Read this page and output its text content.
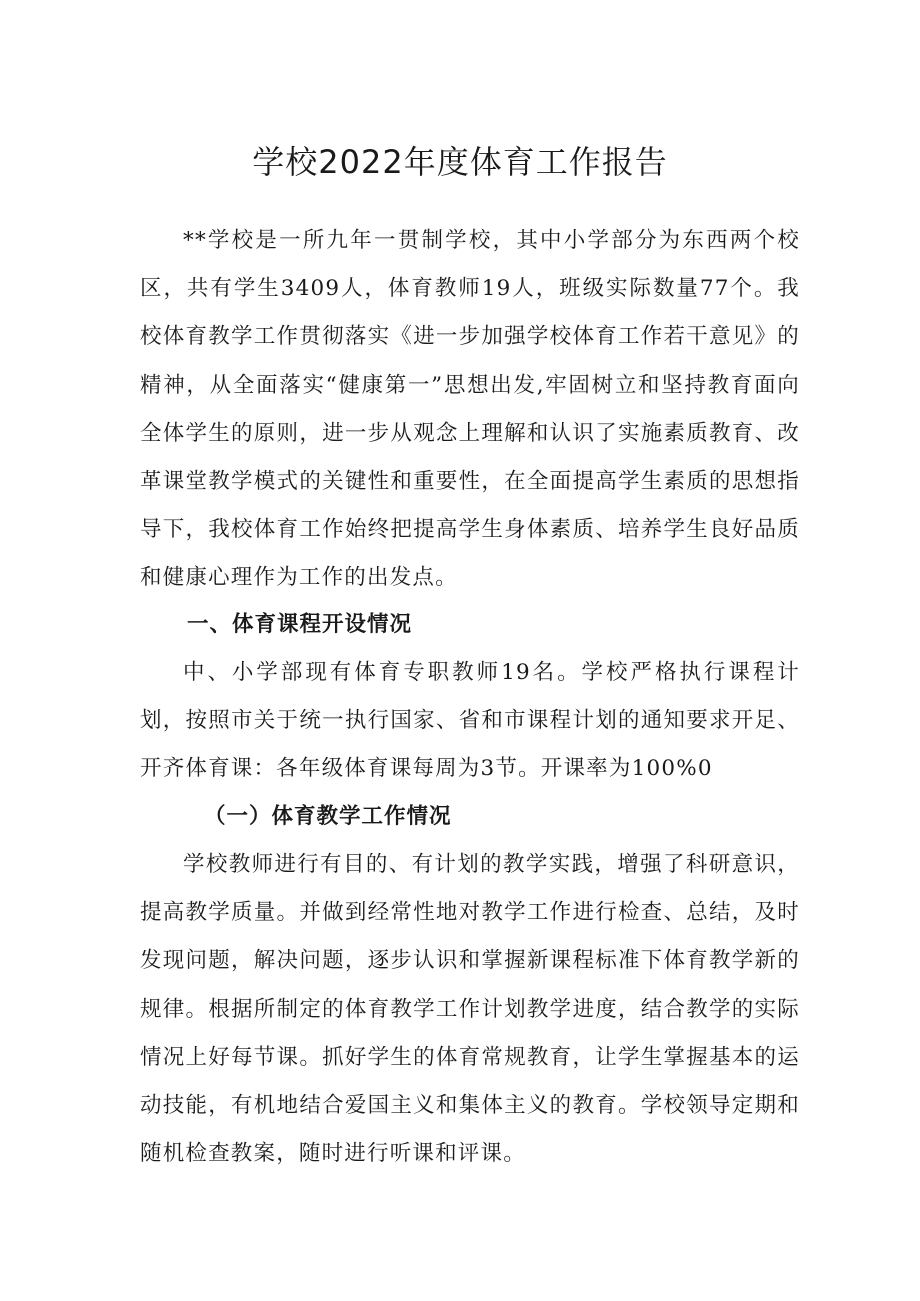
学校2022年度体育工作报告

**学校是一所九年一贯制学校，其中小学部分为东西两个校区，共有学生3409人，体育教师19人，班级实际数量77个。我校体育教学工作贯彻落实《进一步加强学校体育工作若干意见》的精神，从全面落实“健康第一”思想出发,牢固树立和坚持教育面向全体学生的原则，进一步从观念上理解和认识了实施素质教育、改革课堂教学模式的关键性和重要性，在全面提高学生素质的思想指导下，我校体育工作始终把提高学生身体素质、培养学生良好品质和健康心理作为工作的出发点。

一、体育课程开设情况

中、小学部现有体育专职教师19名。学校严格执行课程计划，按照市关于统一执行国家、省和市课程计划的通知要求开足、开齐体育课：各年级体育课每周为3节。开课率为100%0

（一）体育教学工作情况

学校教师进行有目的、有计划的教学实践，增强了科研意识，提高教学质量。并做到经常性地对教学工作进行检查、总结，及时发现问题，解决问题，逐步认识和掌握新课程标准下体育教学新的规律。根据所制定的体育教学工作计划教学进度，结合教学的实际情况上好每节课。抓好学生的体育常规教育，让学生掌握基本的运动技能，有机地结合爱国主义和集体主义的教育。学校领导定期和随机检查教案，随时进行听课和评课。
